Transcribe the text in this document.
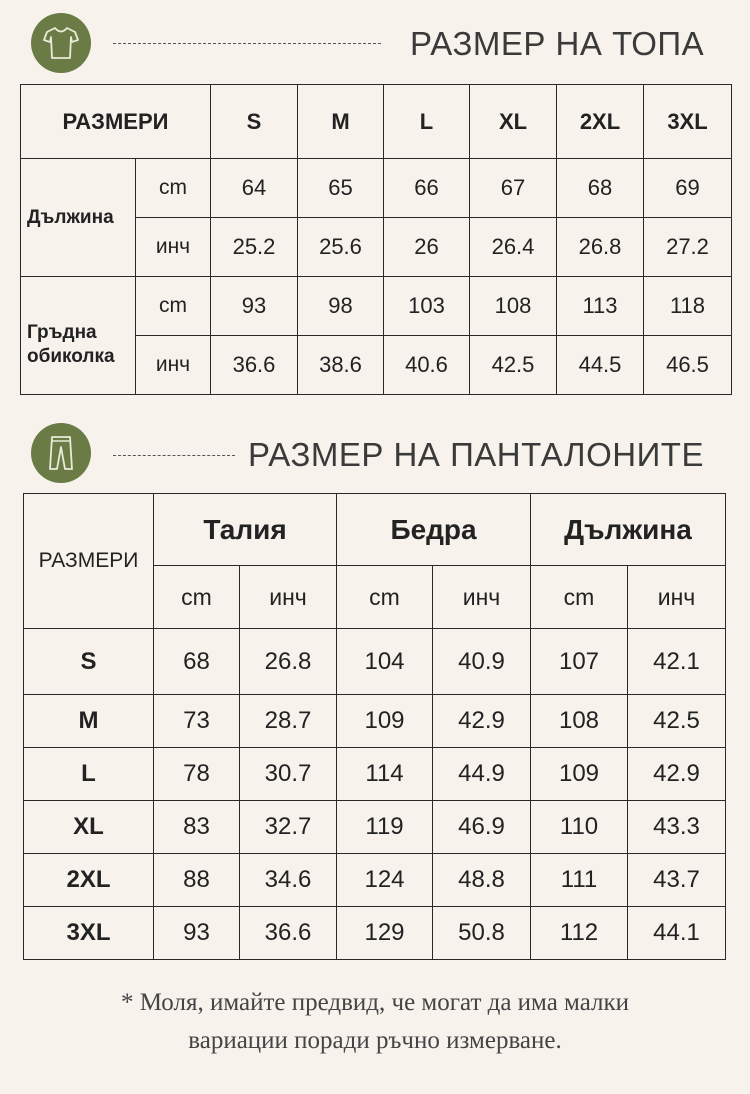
РАЗМЕР НА ТОПА
РАЗМЕРИ		S	M	L	XL	2XL	3XL
Дължина	cm	64	65	66	67	68	69
	инч	25.2	25.6	26	26.4	26.8	27.2
Гръдна обиколка	cm	93	98	103	108	113	118
	инч	36.6	38.6	40.6	42.5	44.5	46.5
РАЗМЕР НА ПАНТАЛОНИТЕ
РАЗМЕРИ	Талия		Бедра		Дължина	
	cm	инч	cm	инч	cm	инч
S	68	26.8	104	40.9	107	42.1
M	73	28.7	109	42.9	108	42.5
L	78	30.7	114	44.9	109	42.9
XL	83	32.7	119	46.9	110	43.3
2XL	88	34.6	124	48.8	111	43.7
3XL	93	36.6	129	50.8	112	44.1
* Моля, имайте предвид, че могат да има малки
вариации поради ръчно измерване.
